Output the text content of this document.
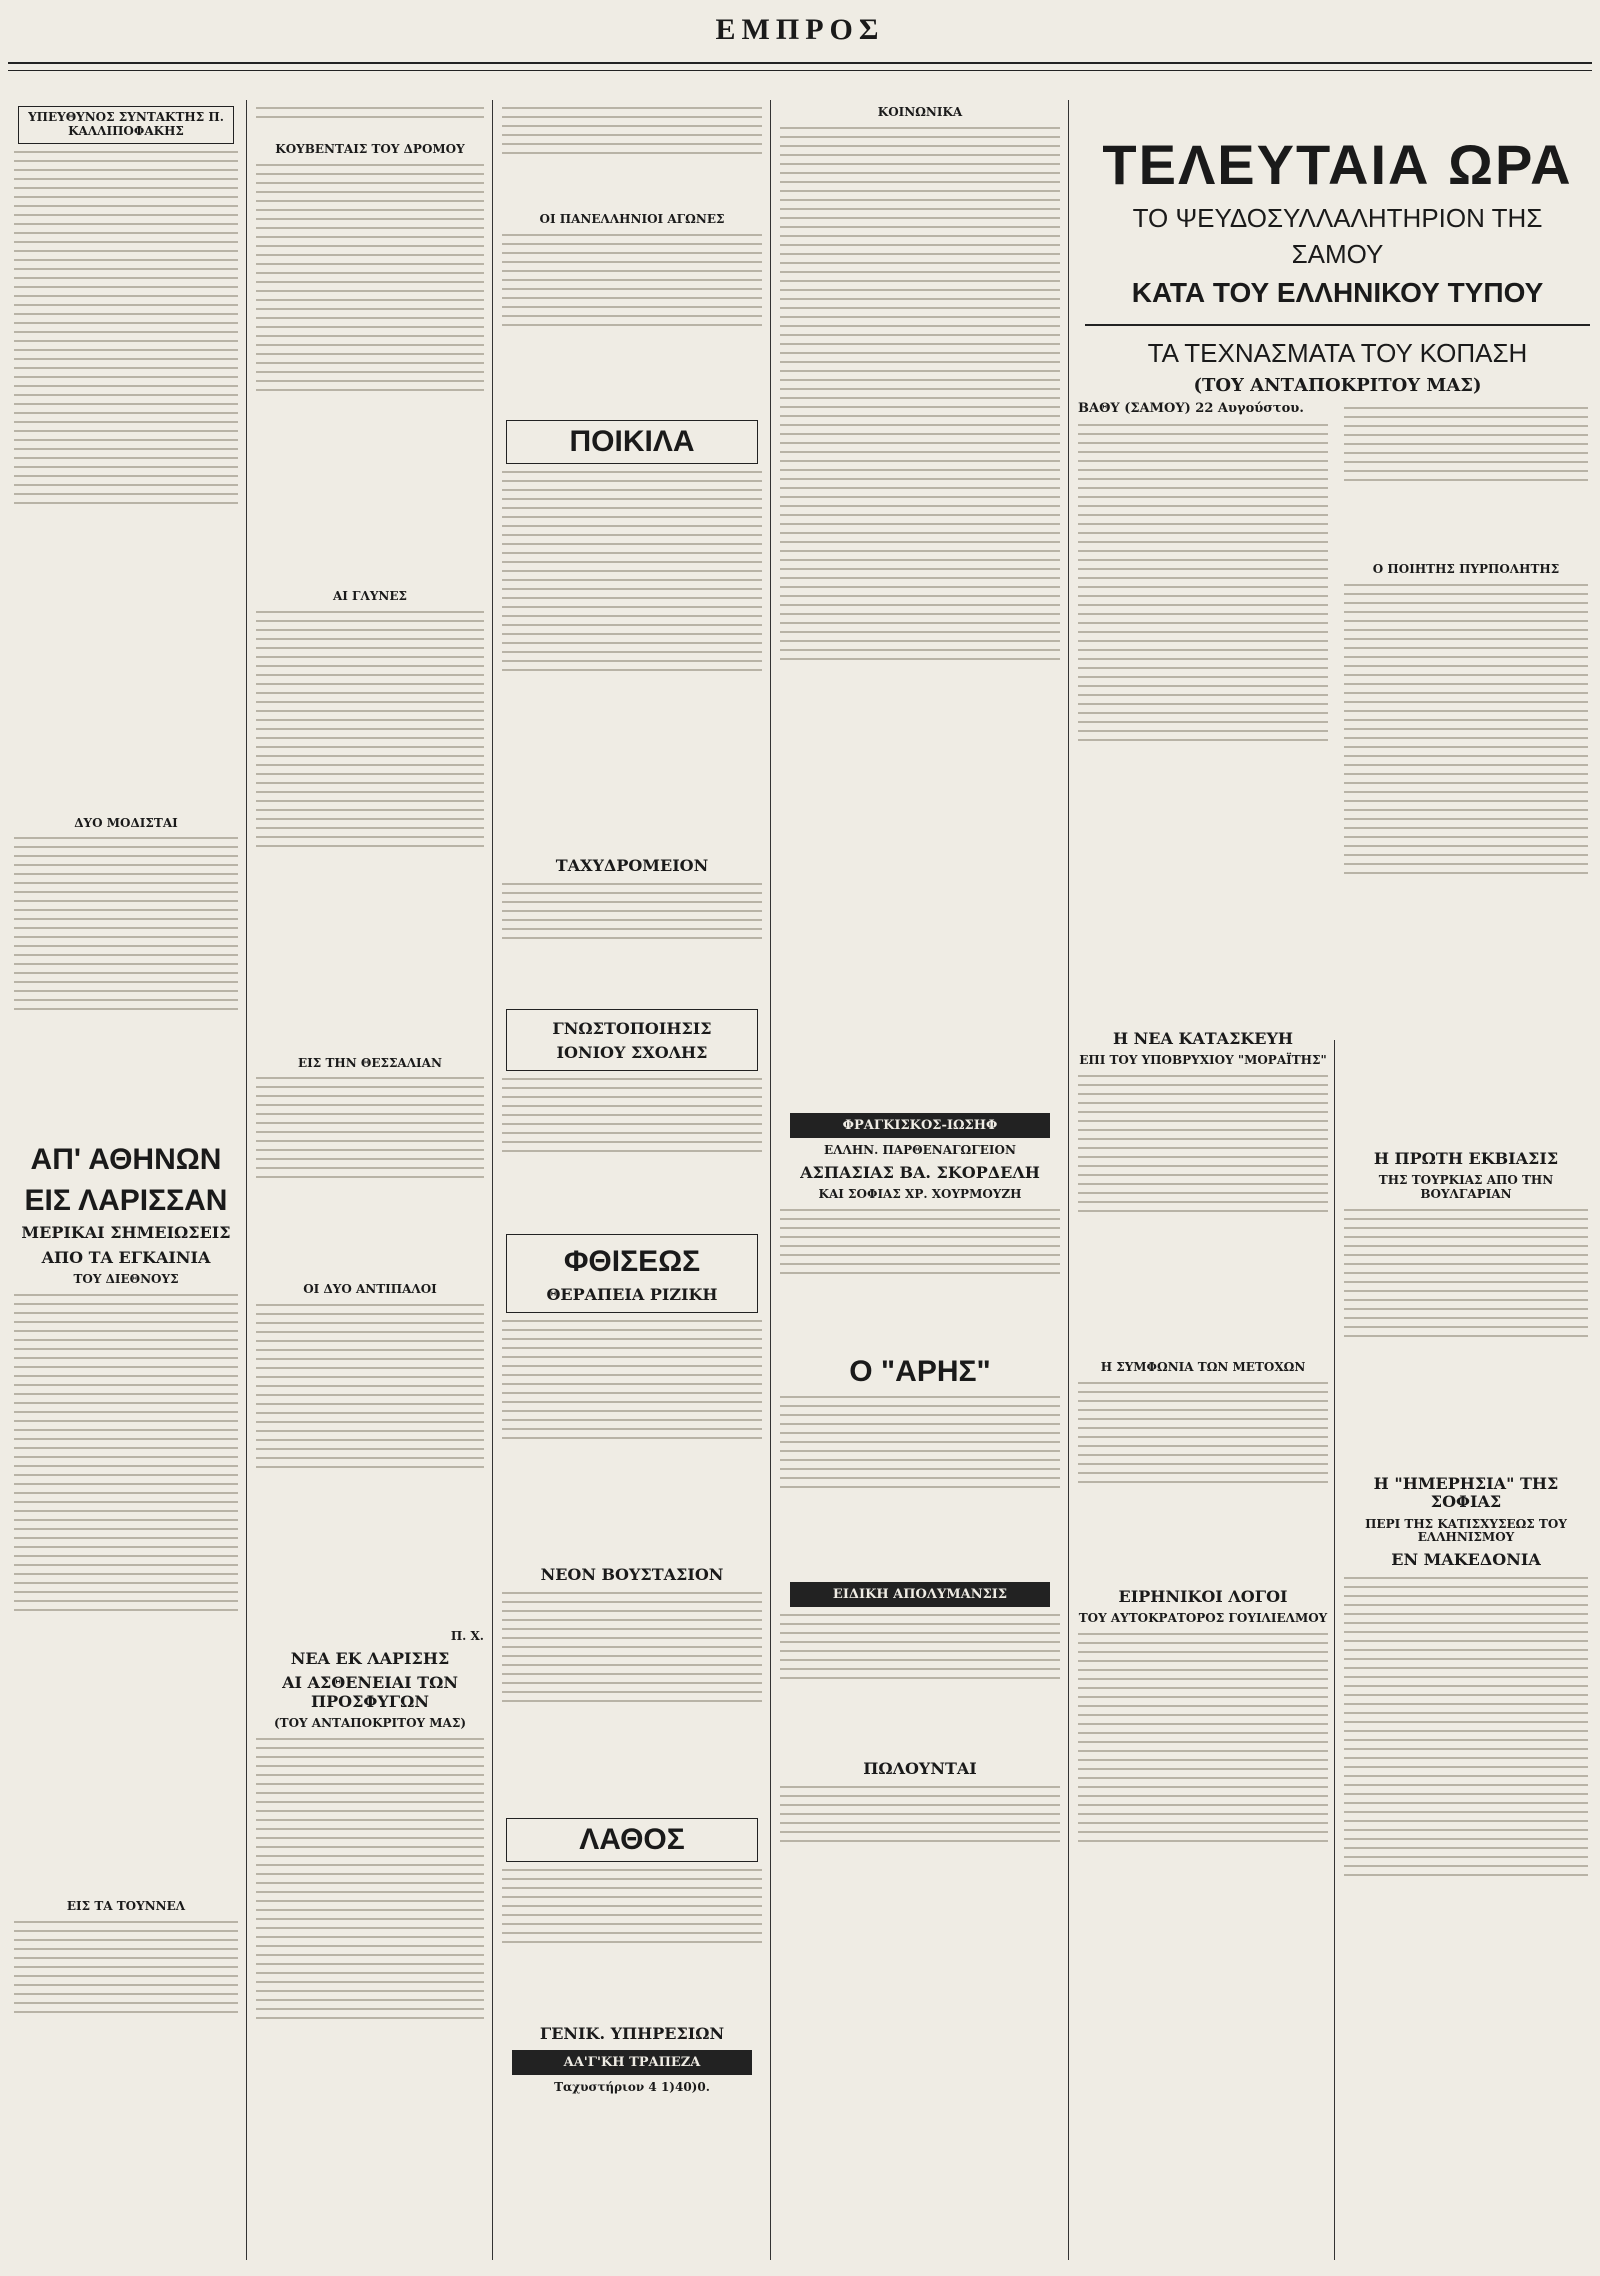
ΕΜΠΡΟΣ
ΥΠΕΥΘΥΝΟΣ ΣΥΝΤΑΚΤΗΣ Π. ΚΑΛΛΙΠΟΦΑΚΗΣ
ΔΥΟ ΜΟΔΙΣΤΑΙ
ΑΠ' ΑΘΗΝΩΝ
ΕΙΣ ΛΑΡΙΣΣΑΝ
ΜΕΡΙΚΑΙ ΣΗΜΕΙΩΣΕΙΣ
ΑΠΟ ΤΑ ΕΓΚΑΙΝΙΑ
ΤΟΥ ΔΙΕΘΝΟΥΣ
ΕΙΣ ΤΑ ΤΟΥΝΝΕΛ
ΚΟΥΒΕΝΤΑΙΣ ΤΟΥ ΔΡΟΜΟΥ
ΑΙ ΓΛΥΝΕΣ
ΕΙΣ ΤΗΝ ΘΕΣΣΑΛΙΑΝ
ΟΙ ΔΥΟ ΑΝΤΙΠΑΛΟΙ
Π. Χ.
ΝΕΑ ΕΚ ΛΑΡΙΣΗΣ
ΑΙ ΑΣΘΕΝΕΙΑΙ ΤΩΝ ΠΡΟΣΦΥΓΩΝ
(ΤΟΥ ΑΝΤΑΠΟΚΡΙΤΟΥ ΜΑΣ)
ΟΙ ΠΑΝΕΛΛΗΝΙΟΙ ΑΓΩΝΕΣ
ΠΟΙΚΙΛΑ
ΤΑΧΥΔΡΟΜΕΙΟΝ
ΓΝΩΣΤΟΠΟΙΗΣΙΣ
ΙΟΝΙΟΥ ΣΧΟΛΗΣ
ΦΘΙΣΕΩΣ
ΘΕΡΑΠΕΙΑ ΡΙΖΙΚΗ
ΝΕΟΝ ΒΟΥΣΤΑΣΙΟΝ
ΛΑΘΟΣ
ΓΕΝΙΚ. ΥΠΗΡΕΣΙΩΝ
ΑΑ'Γ'ΚΗ ΤΡΑΠΕΖΑ
Ταχυστήριον 4 1)40)0.
ΚΟΙΝΩΝΙΚΑ
ΦΡΑΓΚΙΣΚΟΣ-ΙΩΣΗΦ
ΕΛΛΗΝ. ΠΑΡΘΕΝΑΓΩΓΕΙΟΝ
ΑΣΠΑΣΙΑΣ ΒΑ. ΣΚΟΡΔΕΛΗ
ΚΑΙ ΣΟΦΙΑΣ ΧΡ. ΧΟΥΡΜΟΥΖΗ
Ο "ΑΡΗΣ"
ΕΙΔΙΚΗ ΑΠΟΛΥΜΑΝΣΙΣ
ΠΩΛΟΥΝΤΑΙ
ΤΕΛΕΥΤΑΙΑ ΩΡΑ
ΤΟ ΨΕΥΔΟΣΥΛΛΑΛΗΤΗΡΙΟΝ ΤΗΣ ΣΑΜΟΥ
ΚΑΤΑ ΤΟΥ ΕΛΛΗΝΙΚΟΥ ΤΥΠΟΥ
ΤΑ ΤΕΧΝΑΣΜΑΤΑ ΤΟΥ ΚΟΠΑΣΗ
(ΤΟΥ ΑΝΤΑΠΟΚΡΙΤΟΥ ΜΑΣ)
ΒΑΘΥ (ΣΑΜΟΥ) 22 Αυγούστου.
Η ΝΕΑ ΚΑΤΑΣΚΕΥΗ
ΕΠΙ ΤΟΥ ΥΠΟΒΡΥΧΙΟΥ "ΜΟΡΑΪΤΗΣ"
Η ΣΥΜΦΩΝΙΑ ΤΩΝ ΜΕΤΟΧΩΝ
ΕΙΡΗΝΙΚΟΙ ΛΟΓΟΙ
ΤΟΥ ΑΥΤΟΚΡΑΤΟΡΟΣ ΓΟΥΙΛΙΕΛΜΟΥ
Ο ΠΟΙΗΤΗΣ ΠΥΡΠΟΛΗΤΗΣ
Η ΠΡΩΤΗ ΕΚΒΙΑΣΙΣ
ΤΗΣ ΤΟΥΡΚΙΑΣ ΑΠΟ ΤΗΝ ΒΟΥΛΓΑΡΙΑΝ
Η "ΗΜΕΡΗΣΙΑ" ΤΗΣ ΣΟΦΙΑΣ
ΠΕΡΙ ΤΗΣ ΚΑΤΙΣΧΥΣΕΩΣ ΤΟΥ ΕΛΛΗΝΙΣΜΟΥ
ΕΝ ΜΑΚΕΔΟΝΙΑ
